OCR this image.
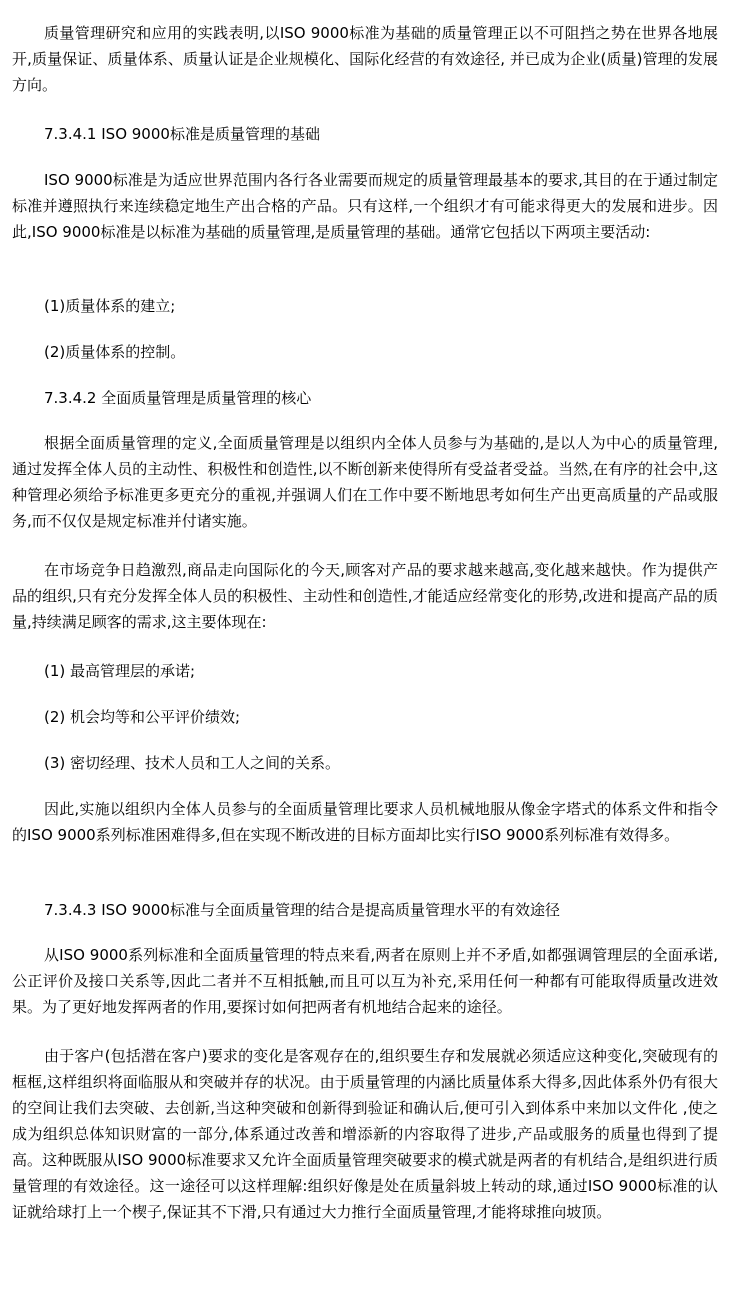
质量管理研究和应用的实践表明,以ISO 9000标准为基础的质量管理正以不可阻挡之势在世界各地展开,质量保证、质量体系、质量认证是企业规模化、国际化经营的有效途径, 并已成为企业(质量)管理的发展方向。

7.3.4.1 ISO 9000标准是质量管理的基础

ISO 9000标准是为适应世界范围内各行各业需要而规定的质量管理最基本的要求,其目的在于通过制定标准并遵照执行来连续稳定地生产出合格的产品。只有这样,一个组织才有可能求得更大的发展和进步。因此,ISO 9000标准是以标准为基础的质量管理,是质量管理的基础。通常它包括以下两项主要活动:

(1)质量体系的建立;

(2)质量体系的控制。

7.3.4.2 全面质量管理是质量管理的核心

根据全面质量管理的定义,全面质量管理是以组织内全体人员参与为基础的,是以人为中心的质量管理,通过发挥全体人员的主动性、积极性和创造性,以不断创新来使得所有受益者受益。当然,在有序的社会中,这种管理必须给予标准更多更充分的重视,并强调人们在工作中要不断地思考如何生产出更高质量的产品或服务,而不仅仅是规定标准并付诸实施。

在市场竞争日趋激烈,商品走向国际化的今天,顾客对产品的要求越来越高,变化越来越快。作为提供产品的组织,只有充分发挥全体人员的积极性、主动性和创造性,才能适应经常变化的形势,改进和提高产品的质量,持续满足顾客的需求,这主要体现在:

(1) 最高管理层的承诺;

(2) 机会均等和公平评价绩效;

(3) 密切经理、技术人员和工人之间的关系。

因此,实施以组织内全体人员参与的全面质量管理比要求人员机械地服从像金字塔式的体系文件和指令的ISO 9000系列标准困难得多,但在实现不断改进的目标方面却比实行ISO 9000系列标准有效得多。

7.3.4.3 ISO 9000标准与全面质量管理的结合是提高质量管理水平的有效途径

从ISO 9000系列标准和全面质量管理的特点来看,两者在原则上并不矛盾,如都强调管理层的全面承诺,公正评价及接口关系等,因此二者并不互相抵触,而且可以互为补充,采用任何一种都有可能取得质量改进效果。为了更好地发挥两者的作用,要探讨如何把两者有机地结合起来的途径。

由于客户(包括潜在客户)要求的变化是客观存在的,组织要生存和发展就必须适应这种变化,突破现有的框框,这样组织将面临服从和突破并存的状况。由于质量管理的内涵比质量体系大得多,因此体系外仍有很大的空间让我们去突破、去创新,当这种突破和创新得到验证和确认后,便可引入到体系中来加以文件化 ,使之成为组织总体知识财富的一部分,体系通过改善和增添新的内容取得了进步,产品或服务的质量也得到了提高。这种既服从ISO 9000标准要求又允许全面质量管理突破要求的模式就是两者的有机结合,是组织进行质量管理的有效途径。这一途径可以这样理解:组织好像是处在质量斜坡上转动的球,通过ISO 9000标准的认证就给球打上一个楔子,保证其不下滑,只有通过大力推行全面质量管理,才能将球推向坡顶。
